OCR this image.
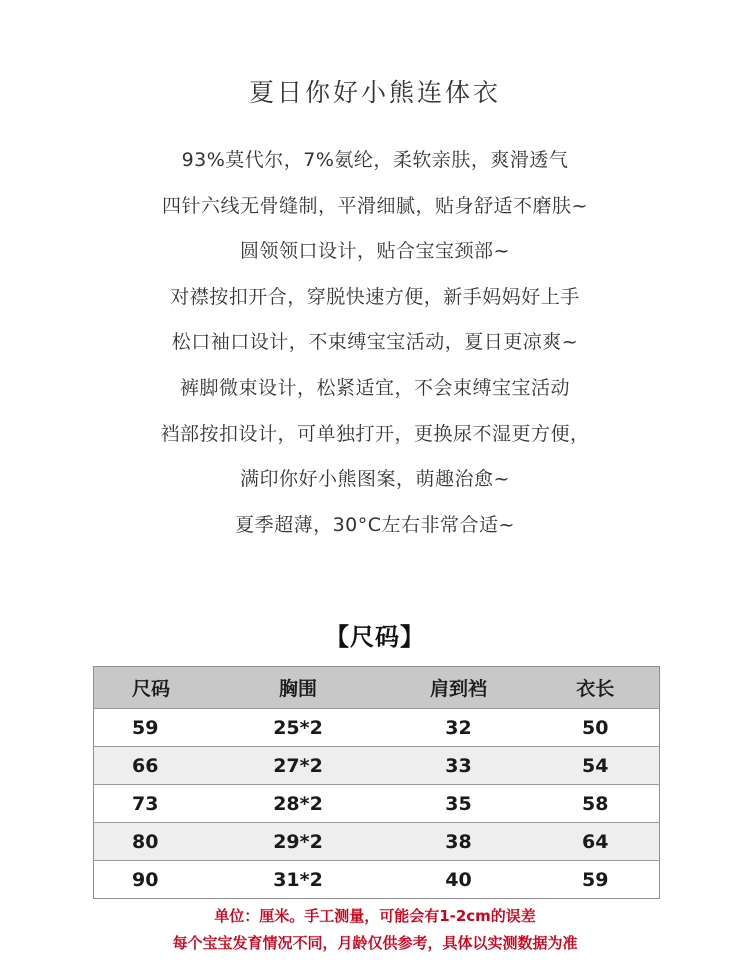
夏日你好小熊连体衣
93%莫代尔，7%氨纶，柔软亲肤，爽滑透气
四针六线无骨缝制，平滑细腻，贴身舒适不磨肤~
圆领领口设计，贴合宝宝颈部~
对襟按扣开合，穿脱快速方便，新手妈妈好上手
松口袖口设计，不束缚宝宝活动，夏日更凉爽~
裤脚微束设计，松紧适宜，不会束缚宝宝活动
裆部按扣设计，可单独打开，更换尿不湿更方便，
满印你好小熊图案，萌趣治愈~
夏季超薄，30°C左右非常合适~
【尺码】
尺码	胸围	肩到裆	衣长
59	25*2	32	50
66	27*2	33	54
73	28*2	35	58
80	29*2	38	64
90	31*2	40	59
单位：厘米。手工测量，可能会有1-2cm的误差
每个宝宝发育情况不同，月龄仅供参考，具体以实测数据为准
